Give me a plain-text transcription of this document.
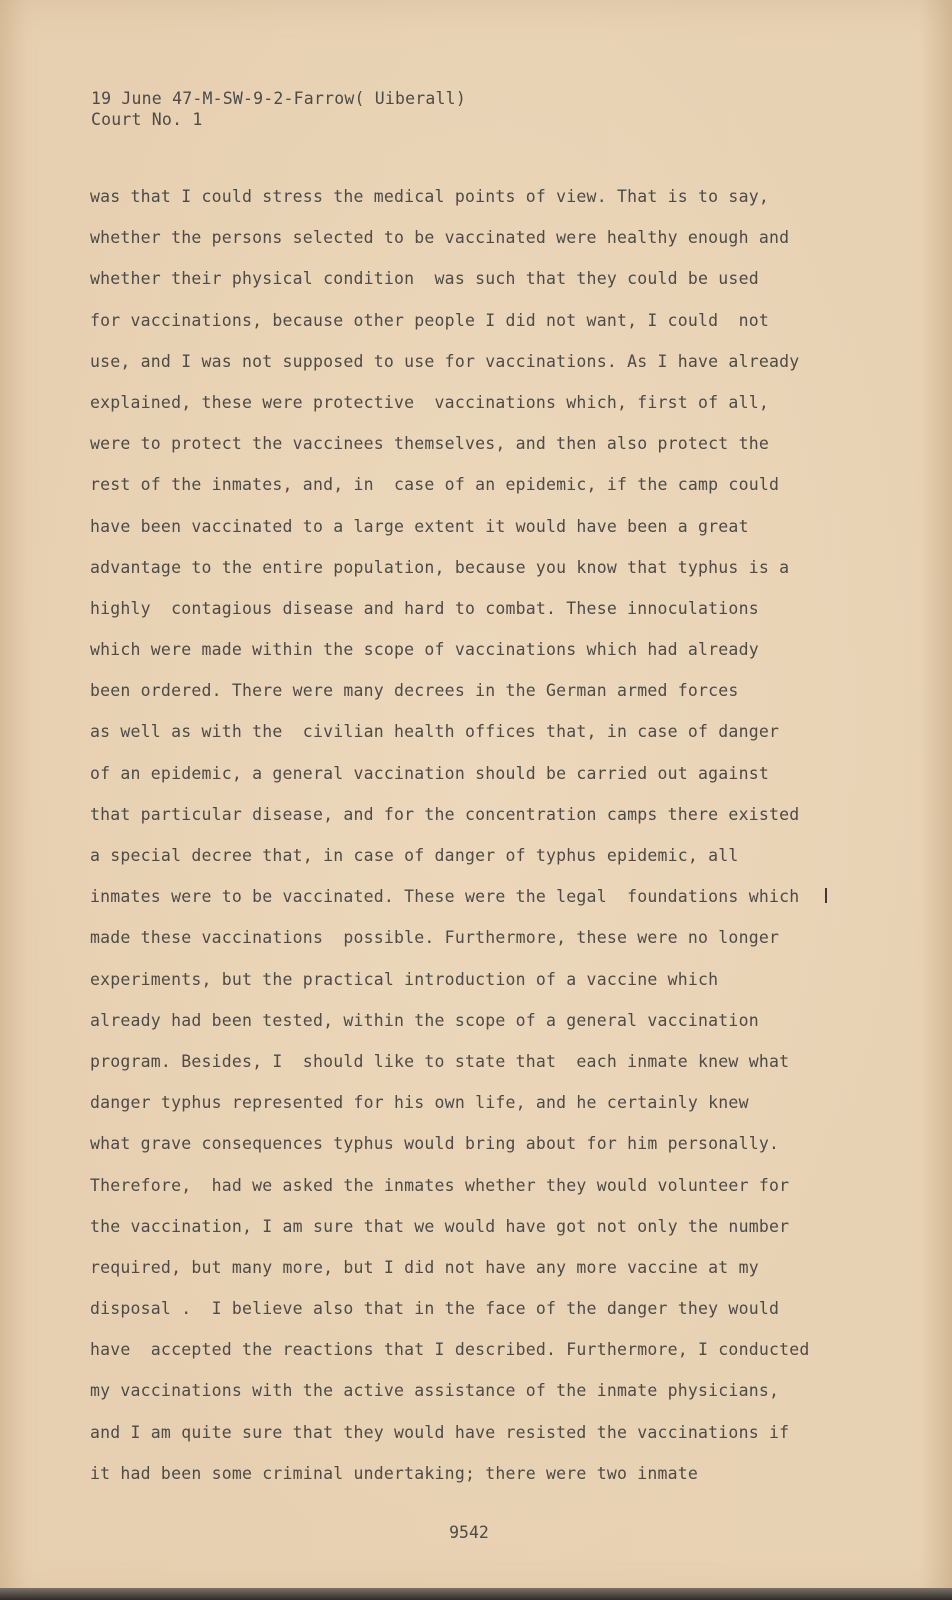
19 June 47-M-SW-9-2-Farrow( Uiberall)
Court No. 1
was that I could stress the medical points of view. That is to say,
whether the persons selected to be vaccinated were healthy enough and
whether their physical condition  was such that they could be used
for vaccinations, because other people I did not want, I could  not
use, and I was not supposed to use for vaccinations. As I have already
explained, these were protective  vaccinations which, first of all,
were to protect the vaccinees themselves, and then also protect the
rest of the inmates, and, in  case of an epidemic, if the camp could
have been vaccinated to a large extent it would have been a great
advantage to the entire population, because you know that typhus is a
highly  contagious disease and hard to combat. These innoculations
which were made within the scope of vaccinations which had already
been ordered. There were many decrees in the German armed forces
as well as with the  civilian health offices that, in case of danger
of an epidemic, a general vaccination should be carried out against
that particular disease, and for the concentration camps there existed
a special decree that, in case of danger of typhus epidemic, all
inmates were to be vaccinated. These were the legal  foundations which
made these vaccinations  possible. Furthermore, these were no longer
experiments, but the practical introduction of a vaccine which
already had been tested, within the scope of a general vaccination
program. Besides, I  should like to state that  each inmate knew what
danger typhus represented for his own life, and he certainly knew
what grave consequences typhus would bring about for him personally.
Therefore,  had we asked the inmates whether they would volunteer for
the vaccination, I am sure that we would have got not only the number
required, but many more, but I did not have any more vaccine at my
disposal .  I believe also that in the face of the danger they would
have  accepted the reactions that I described. Furthermore, I conducted
my vaccinations with the active assistance of the inmate physicians,
and I am quite sure that they would have resisted the vaccinations if
it had been some criminal undertaking; there were two inmate
9542
